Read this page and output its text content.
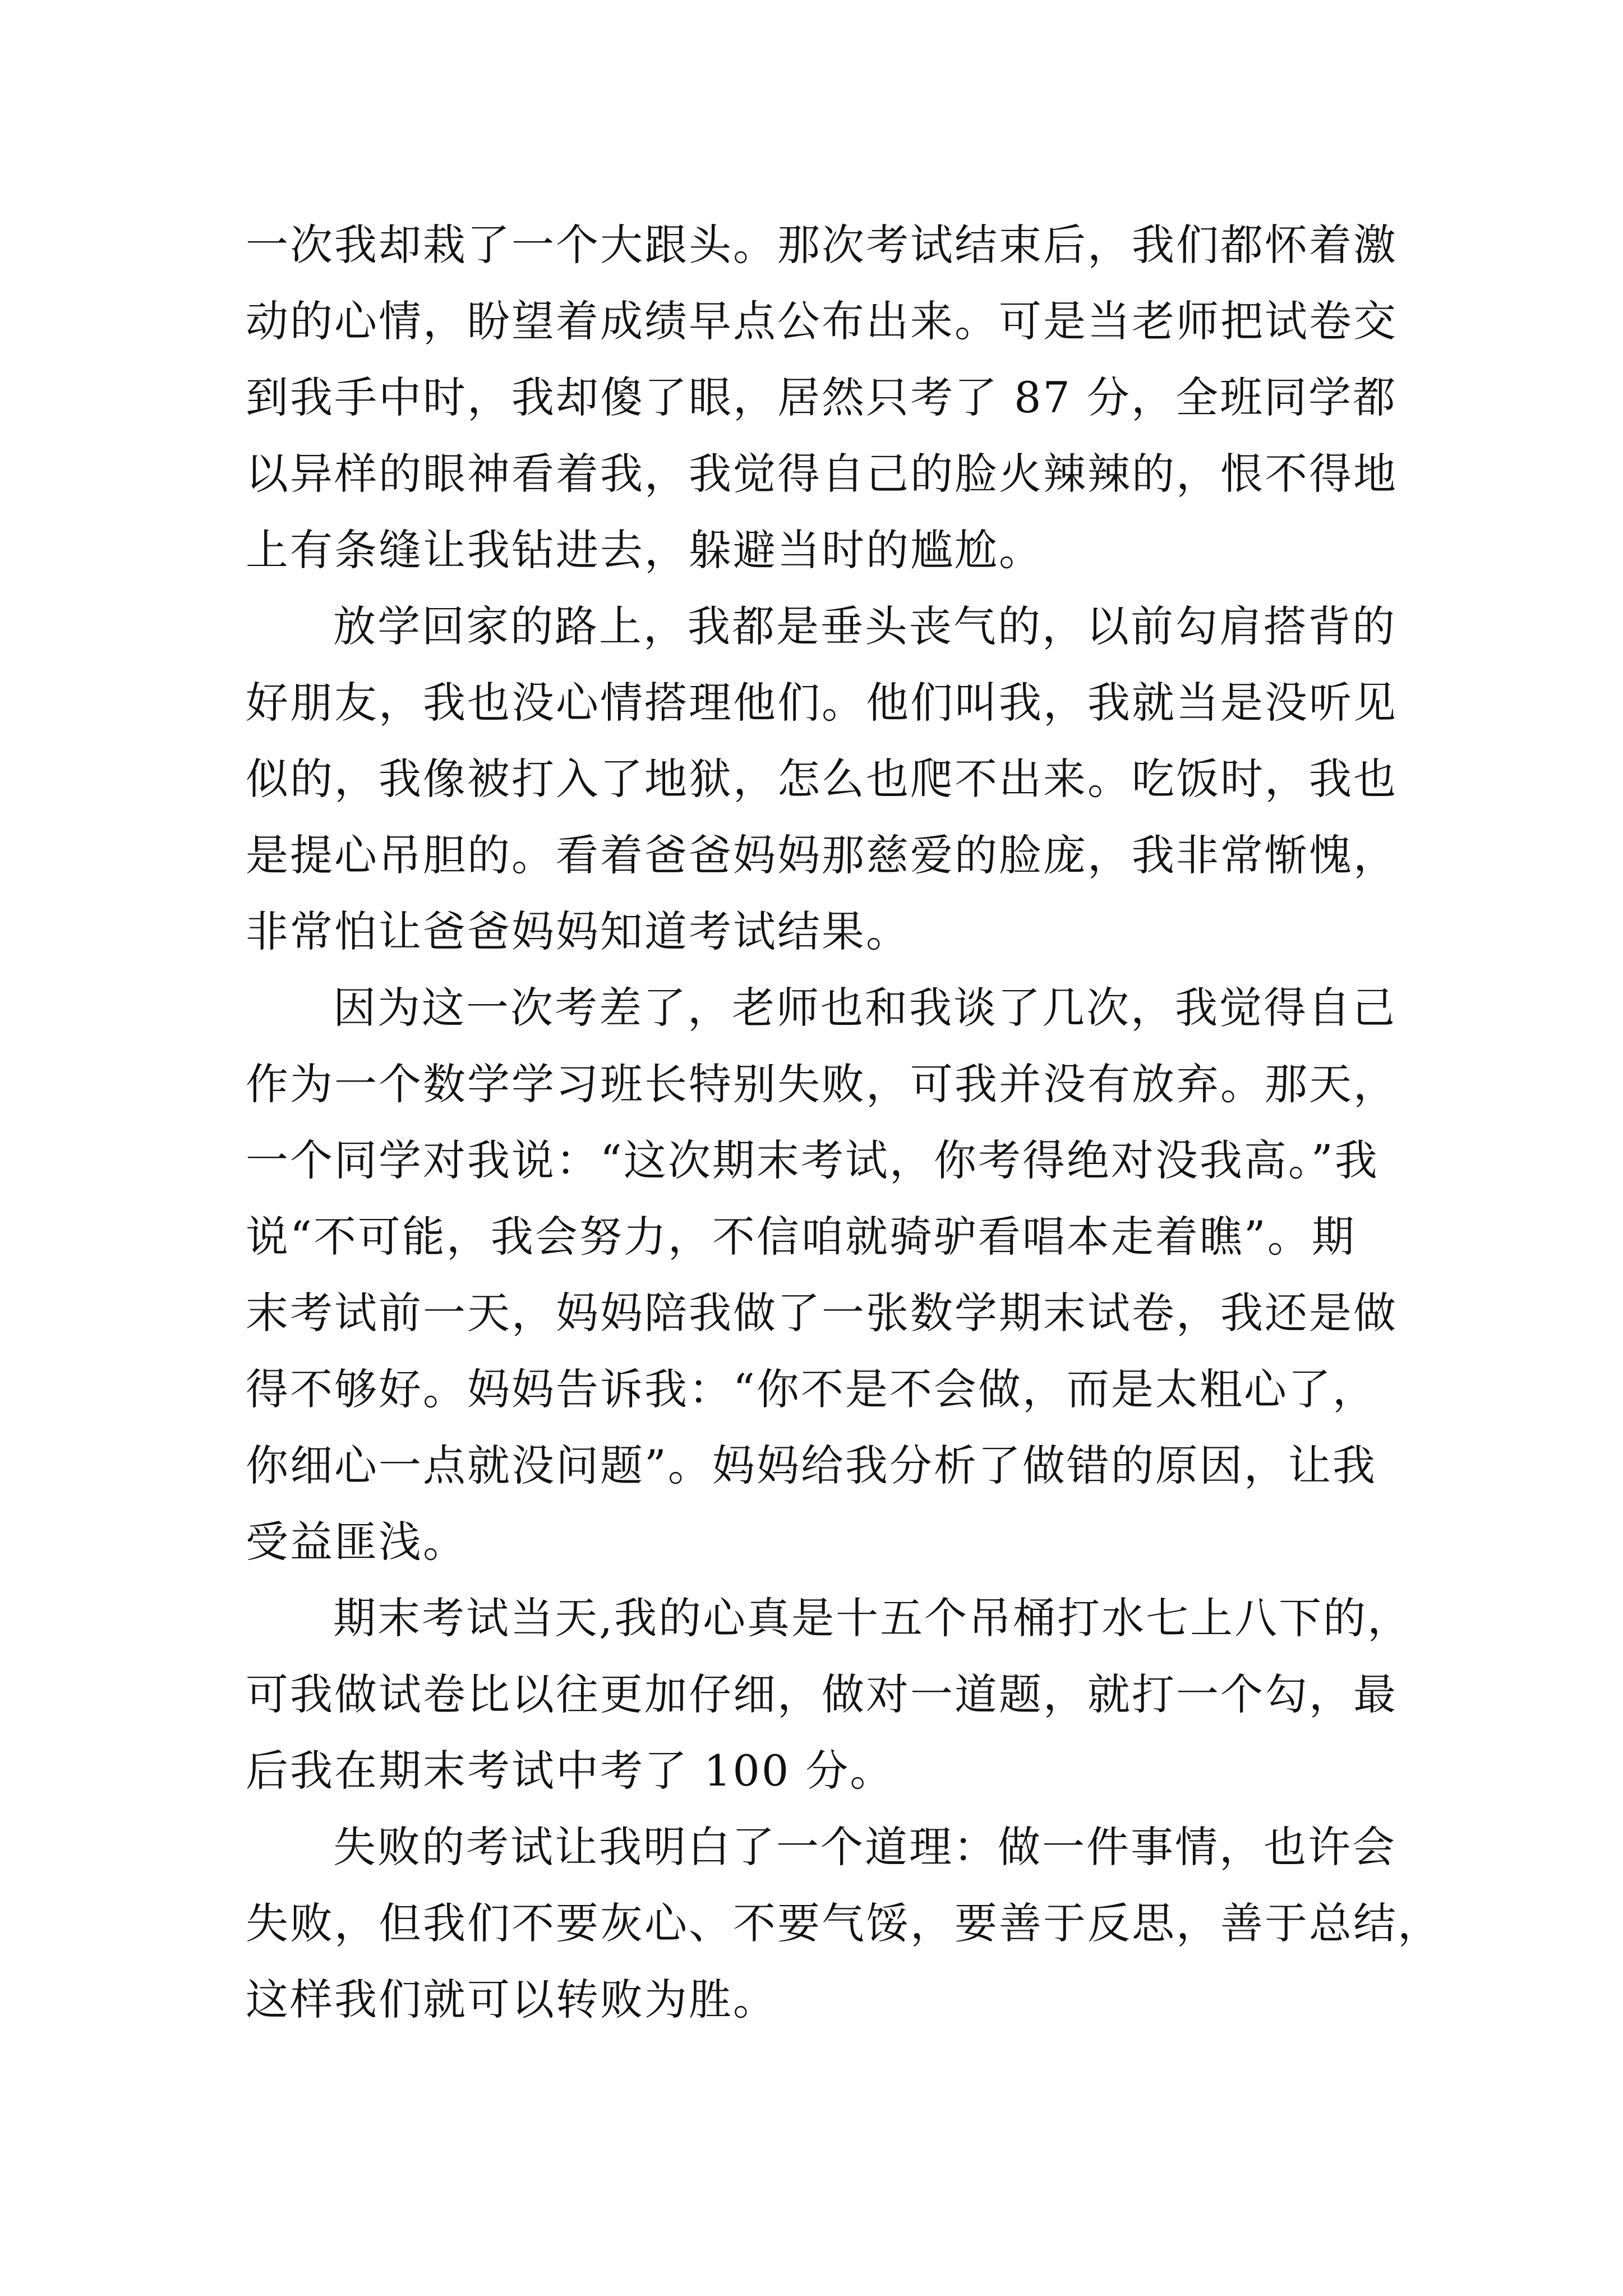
一次我却栽了一个大跟头。那次考试结束后，我们都怀着激

动的心情，盼望着成绩早点公布出来。可是当老师把试卷交

到我手中时，我却傻了眼，居然只考了 87 分，全班同学都

以异样的眼神看着我，我觉得自己的脸火辣辣的，恨不得地

上有条缝让我钻进去，躲避当时的尴尬。

放学回家的路上，我都是垂头丧气的，以前勾肩搭背的

好朋友，我也没心情搭理他们。他们叫我，我就当是没听见

似的，我像被打入了地狱，怎么也爬不出来。吃饭时，我也

是提心吊胆的。看着爸爸妈妈那慈爱的脸庞，我非常惭愧，

非常怕让爸爸妈妈知道考试结果。

因为这一次考差了，老师也和我谈了几次，我觉得自己

作为一个数学学习班长特别失败，可我并没有放弃。那天，

一个同学对我说：“这次期末考试，你考得绝对没我高。”我

说“不可能，我会努力，不信咱就骑驴看唱本走着瞧”。期

末考试前一天，妈妈陪我做了一张数学期末试卷，我还是做

得不够好。妈妈告诉我：“你不是不会做，而是太粗心了，

你细心一点就没问题”。妈妈给我分析了做错的原因，让我

受益匪浅。

期末考试当天,我的心真是十五个吊桶打水七上八下的，

可我做试卷比以往更加仔细，做对一道题，就打一个勾，最

后我在期末考试中考了 100 分。

失败的考试让我明白了一个道理：做一件事情，也许会

失败，但我们不要灰心、不要气馁，要善于反思，善于总结，

这样我们就可以转败为胜。
